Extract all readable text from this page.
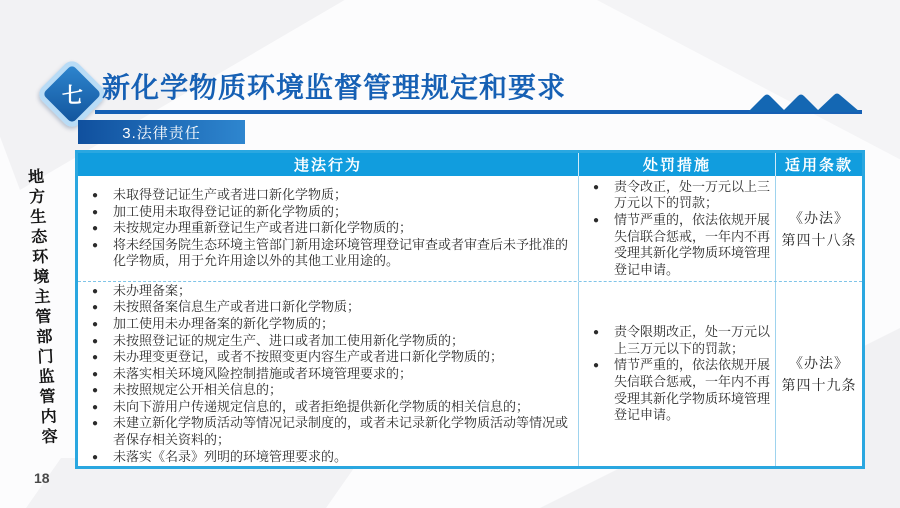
七 新化学物质环境监督管理规定和要求
3.法律责任
地方生态环境主管部门监管内容
违法行为	处罚措施	适用条款
● 未取得登记证生产或者进口新化学物质；
● 加工使用未取得登记证的新化学物质的；
● 未按规定办理重新登记生产或者进口新化学物质的；
● 将未经国务院生态环境主管部门新用途环境管理登记审查或者审查后未予批准的化学物质，用于允许用途以外的其他工业用途的。
● 责令改正，处一万元以上三万元以下的罚款；
● 情节严重的，依法依规开展失信联合惩戒，一年内不再受理其新化学物质环境管理登记申请。
《办法》
第四十八条
● 未办理备案；
● 未按照备案信息生产或者进口新化学物质；
● 加工使用未办理备案的新化学物质的；
● 未按照登记证的规定生产、进口或者加工使用新化学物质的；
● 未办理变更登记，或者不按照变更内容生产或者进口新化学物质的；
● 未落实相关环境风险控制措施或者环境管理要求的；
● 未按照规定公开相关信息的；
● 未向下游用户传递规定信息的，或者拒绝提供新化学物质的相关信息的；
● 未建立新化学物质活动等情况记录制度的，或者未记录新化学物质活动等情况或者保存相关资料的；
● 未落实《名录》列明的环境管理要求的。
● 责令限期改正，处一万元以上三万元以下的罚款；
● 情节严重的，依法依规开展失信联合惩戒，一年内不再受理其新化学物质环境管理登记申请。
《办法》
第四十九条
18
